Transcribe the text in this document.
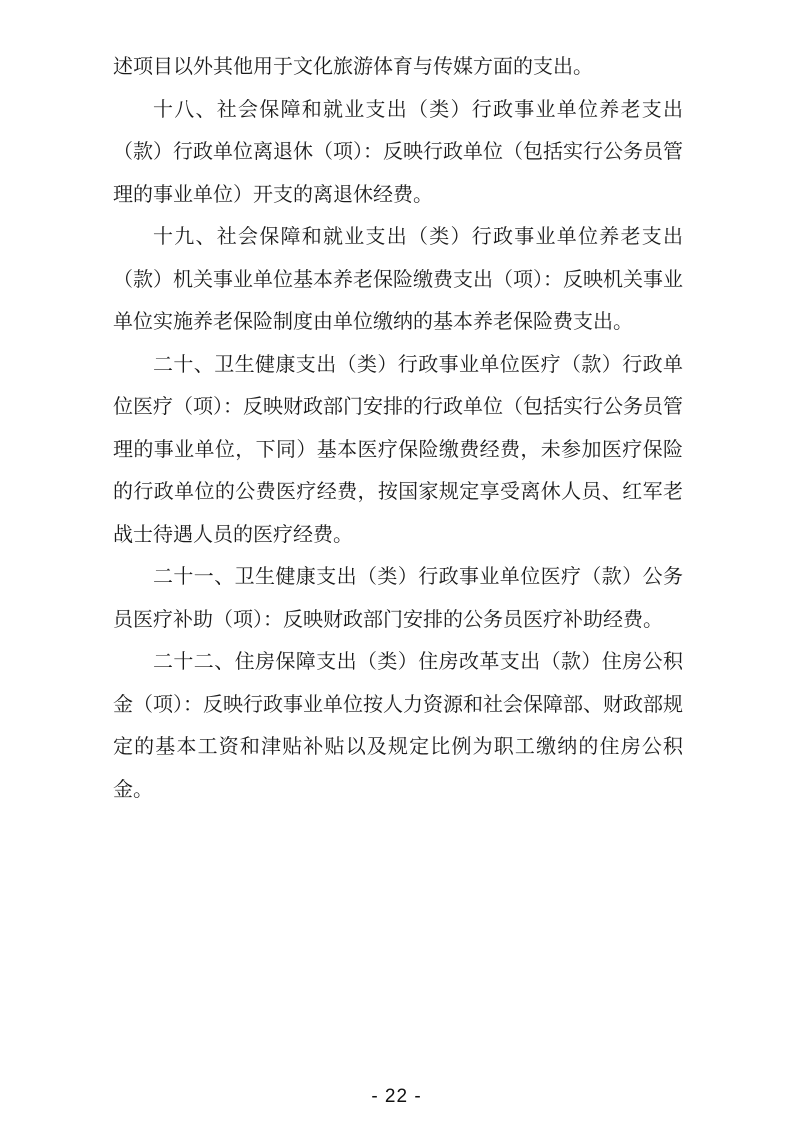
述项目以外其他用于文化旅游体育与传媒方面的支出。

十八、社会保障和就业支出（类）行政事业单位养老支出（款）行政单位离退休（项）：反映行政单位（包括实行公务员管理的事业单位）开支的离退休经费。

十九、社会保障和就业支出（类）行政事业单位养老支出（款）机关事业单位基本养老保险缴费支出（项）：反映机关事业单位实施养老保险制度由单位缴纳的基本养老保险费支出。

二十、卫生健康支出（类）行政事业单位医疗（款）行政单位医疗（项）：反映财政部门安排的行政单位（包括实行公务员管理的事业单位，下同）基本医疗保险缴费经费，未参加医疗保险的行政单位的公费医疗经费，按国家规定享受离休人员、红军老战士待遇人员的医疗经费。

二十一、卫生健康支出（类）行政事业单位医疗（款）公务员医疗补助（项）：反映财政部门安排的公务员医疗补助经费。

二十二、住房保障支出（类）住房改革支出（款）住房公积金（项）：反映行政事业单位按人力资源和社会保障部、财政部规定的基本工资和津贴补贴以及规定比例为职工缴纳的住房公积金。

- 22 -
